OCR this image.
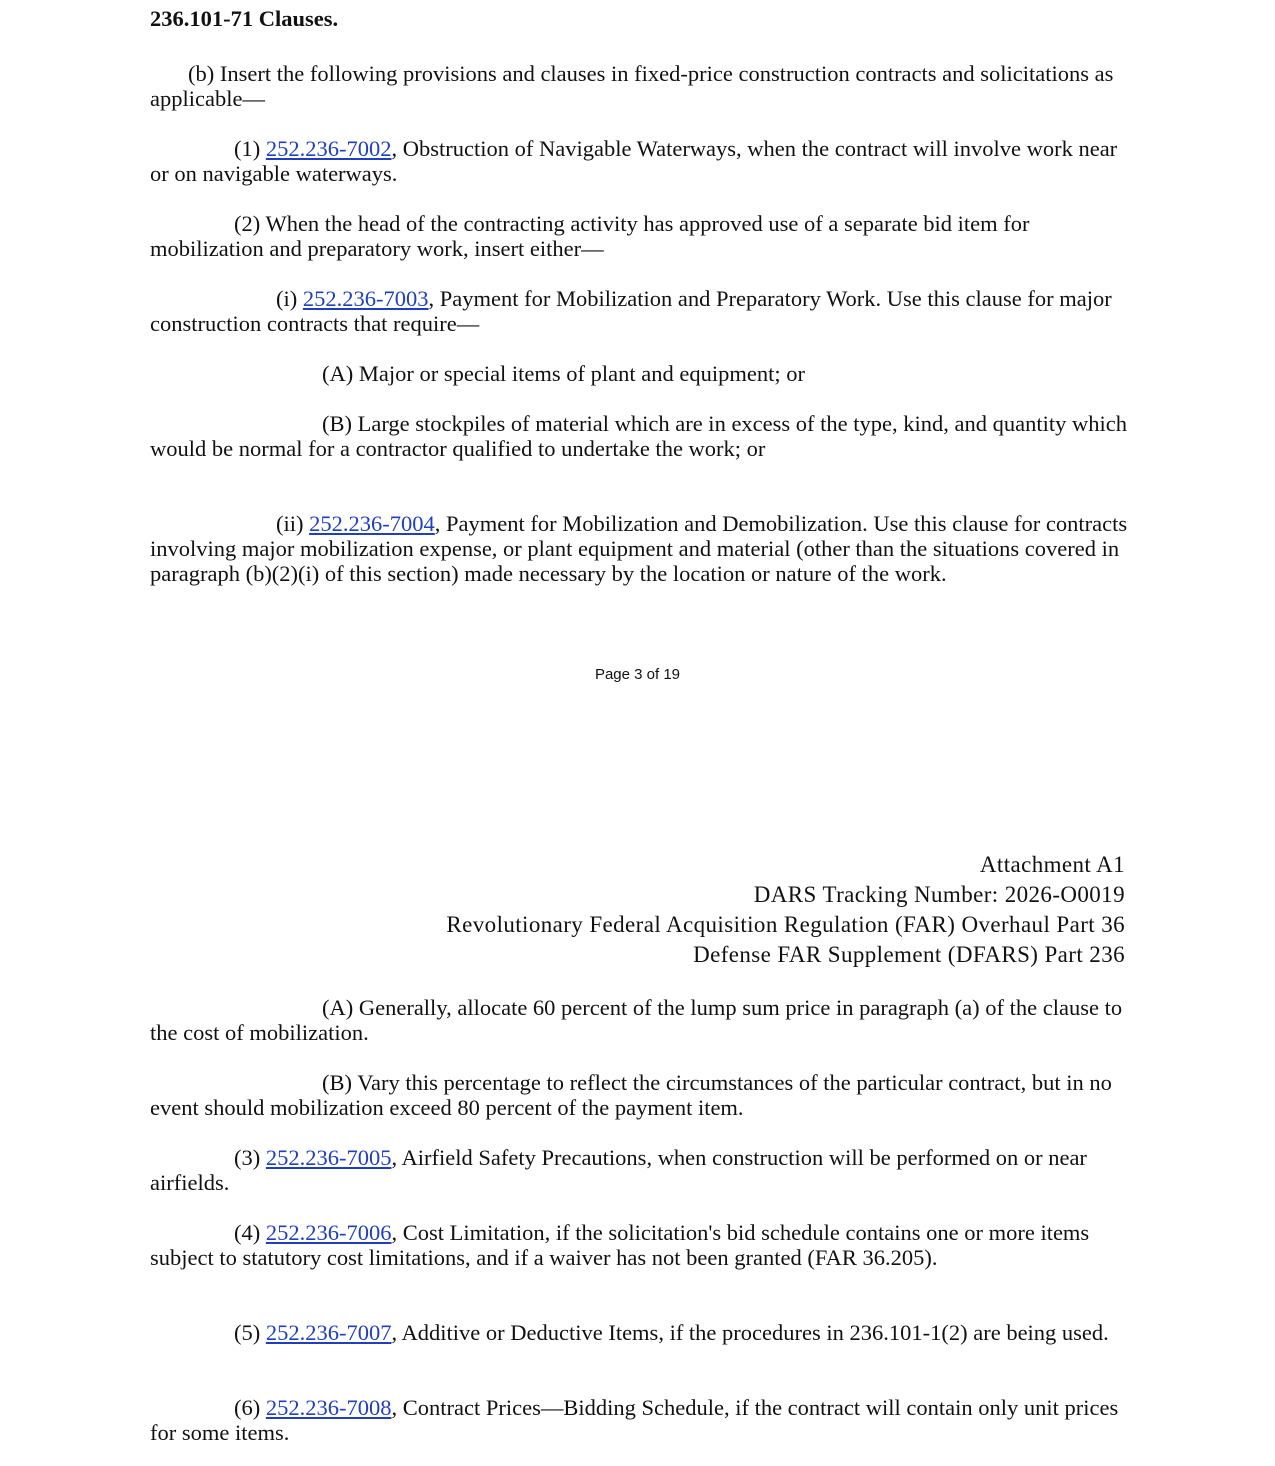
236.101-71 Clauses.

(b) Insert the following provisions and clauses in fixed-price construction contracts and solicitations as applicable—

(1) 252.236-7002, Obstruction of Navigable Waterways, when the contract will involve work near or on navigable waterways.

(2) When the head of the contracting activity has approved use of a separate bid item for mobilization and preparatory work, insert either—

(i) 252.236-7003, Payment for Mobilization and Preparatory Work. Use this clause for major construction contracts that require—

(A) Major or special items of plant and equipment; or

(B) Large stockpiles of material which are in excess of the type, kind, and quantity which would be normal for a contractor qualified to undertake the work; or

(ii) 252.236-7004, Payment for Mobilization and Demobilization. Use this clause for contracts involving major mobilization expense, or plant equipment and material (other than the situations covered in paragraph (b)(2)(i) of this section) made necessary by the location or nature of the work.

Page 3 of 19
Attachment A1
DARS Tracking Number: 2026-O0019
Revolutionary Federal Acquisition Regulation (FAR) Overhaul Part 36
Defense FAR Supplement (DFARS) Part 236

(A) Generally, allocate 60 percent of the lump sum price in paragraph (a) of the clause to the cost of mobilization.

(B) Vary this percentage to reflect the circumstances of the particular contract, but in no event should mobilization exceed 80 percent of the payment item.

(3) 252.236-7005, Airfield Safety Precautions, when construction will be performed on or near airfields.

(4) 252.236-7006, Cost Limitation, if the solicitation's bid schedule contains one or more items subject to statutory cost limitations, and if a waiver has not been granted (FAR 36.205).

(5) 252.236-7007, Additive or Deductive Items, if the procedures in 236.101-1(2) are being used.

(6) 252.236-7008, Contract Prices—Bidding Schedule, if the contract will contain only unit prices for some items.
